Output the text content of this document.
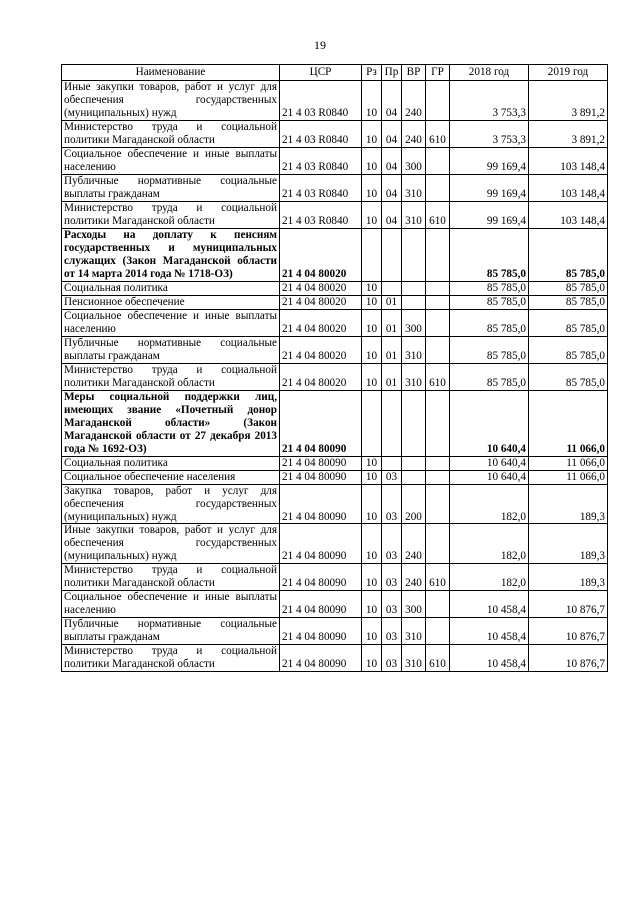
19
Наименование	ЦСР	Рз	Пр	ВР	ГР	2018 год	2019 год
Иные закупки товаров, работ и услуг для обеспечения государственных (муниципальных) нужд	21 4 03 R0840	10	04	240		3 753,3	3 891,2
Министерство труда и социальной политики Магаданской области	21 4 03 R0840	10	04	240	610	3 753,3	3 891,2
Социальное обеспечение и иные выплаты населению	21 4 03 R0840	10	04	300		99 169,4	103 148,4
Публичные нормативные социальные выплаты гражданам	21 4 03 R0840	10	04	310		99 169,4	103 148,4
Министерство труда и социальной политики Магаданской области	21 4 03 R0840	10	04	310	610	99 169,4	103 148,4
Расходы на доплату к пенсиям государственных и муниципальных служащих (Закон Магаданской области от 14 марта 2014 года № 1718-ОЗ)	21 4 04 80020					85 785,0	85 785,0
Социальная политика	21 4 04 80020	10				85 785,0	85 785,0
Пенсионное обеспечение	21 4 04 80020	10	01			85 785,0	85 785,0
Социальное обеспечение и иные выплаты населению	21 4 04 80020	10	01	300		85 785,0	85 785,0
Публичные нормативные социальные выплаты гражданам	21 4 04 80020	10	01	310		85 785,0	85 785,0
Министерство труда и социальной политики Магаданской области	21 4 04 80020	10	01	310	610	85 785,0	85 785,0
Меры социальной поддержки лиц, имеющих звание «Почетный донор Магаданской области» (Закон Магаданской области от 27 декабря 2013 года № 1692-ОЗ)	21 4 04 80090					10 640,4	11 066,0
Социальная политика	21 4 04 80090	10				10 640,4	11 066,0
Социальное обеспечение населения	21 4 04 80090	10	03			10 640,4	11 066,0
Закупка товаров, работ и услуг для обеспечения государственных (муниципальных) нужд	21 4 04 80090	10	03	200		182,0	189,3
Иные закупки товаров, работ и услуг для обеспечения государственных (муниципальных) нужд	21 4 04 80090	10	03	240		182,0	189,3
Министерство труда и социальной политики Магаданской области	21 4 04 80090	10	03	240	610	182,0	189,3
Социальное обеспечение и иные выплаты населению	21 4 04 80090	10	03	300		10 458,4	10 876,7
Публичные нормативные социальные выплаты гражданам	21 4 04 80090	10	03	310		10 458,4	10 876,7
Министерство труда и социальной политики Магаданской области	21 4 04 80090	10	03	310	610	10 458,4	10 876,7
